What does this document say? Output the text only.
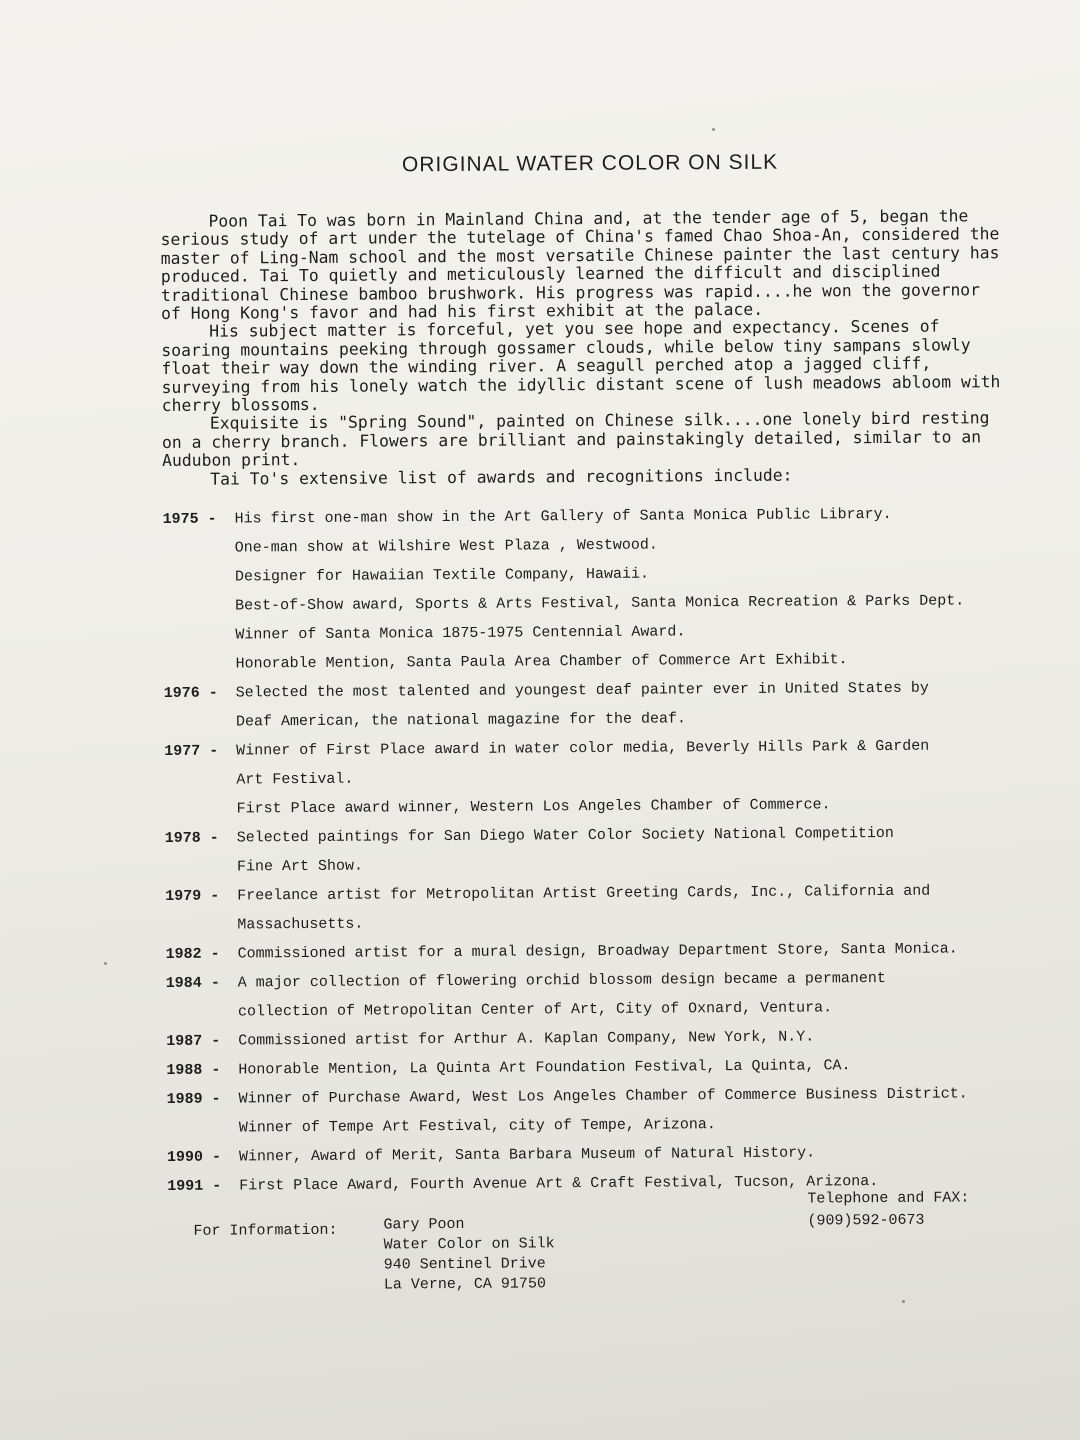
ORIGINAL WATER COLOR ON SILK

Poon Tai To was born in Mainland China and, at the tender age of 5, began the serious study of art under the tutelage of China's famed Chao Shoa-An, considered the master of Ling-Nam school and the most versatile Chinese painter the last century has produced. Tai To quietly and meticulously learned the difficult and disciplined traditional Chinese bamboo brushwork. His progress was rapid....he won the governor of Hong Kong's favor and had his first exhibit at the palace.

His subject matter is forceful, yet you see hope and expectancy. Scenes of soaring mountains peeking through gossamer clouds, while below tiny sampans slowly float their way down the winding river. A seagull perched atop a jagged cliff, surveying from his lonely watch the idyllic distant scene of lush meadows abloom with cherry blossoms.

Exquisite is "Spring Sound", painted on Chinese silk....one lonely bird resting on a cherry branch. Flowers are brilliant and painstakingly detailed, similar to an Audubon print.

Tai To's extensive list of awards and recognitions include:

1975 -	His first one-man show in the Art Gallery of Santa Monica Public Library.
One-man show at Wilshire West Plaza , Westwood.
Designer for Hawaiian Textile Company, Hawaii.
Best-of-Show award, Sports & Arts Festival, Santa Monica Recreation & Parks Dept.
Winner of Santa Monica 1875-1975 Centennial Award.
Honorable Mention, Santa Paula Area Chamber of Commerce Art Exhibit.
1976 -	Selected the most talented and youngest deaf painter ever in United States by
Deaf American, the national magazine for the deaf.
1977 -	Winner of First Place award in water color media, Beverly Hills Park & Garden
Art Festival.
First Place award winner, Western Los Angeles Chamber of Commerce.
1978 -	Selected paintings for San Diego Water Color Society National Competition
Fine Art Show.
1979 -	Freelance artist for Metropolitan Artist Greeting Cards, Inc., California and
Massachusetts.
1982 -	Commissioned artist for a mural design, Broadway Department Store, Santa Monica.
1984 -	A major collection of flowering orchid blossom design became a permanent
collection of Metropolitan Center of Art, City of Oxnard, Ventura.
1987 -	Commissioned artist for Arthur A. Kaplan Company, New York, N.Y.
1988 -	Honorable Mention, La Quinta Art Foundation Festival, La Quinta, CA.
1989 -	Winner of Purchase Award, West Los Angeles Chamber of Commerce Business District.
Winner of Tempe Art Festival, city of Tempe, Arizona.
1990 -	Winner, Award of Merit, Santa Barbara Museum of Natural History.
1991 -	First Place Award, Fourth Avenue Art & Craft Festival, Tucson, Arizona.
For Information:	Gary Poon
Water Color on Silk
940 Sentinel Drive
La Verne, CA 91750
Telephone and FAX:
(909)592-0673
